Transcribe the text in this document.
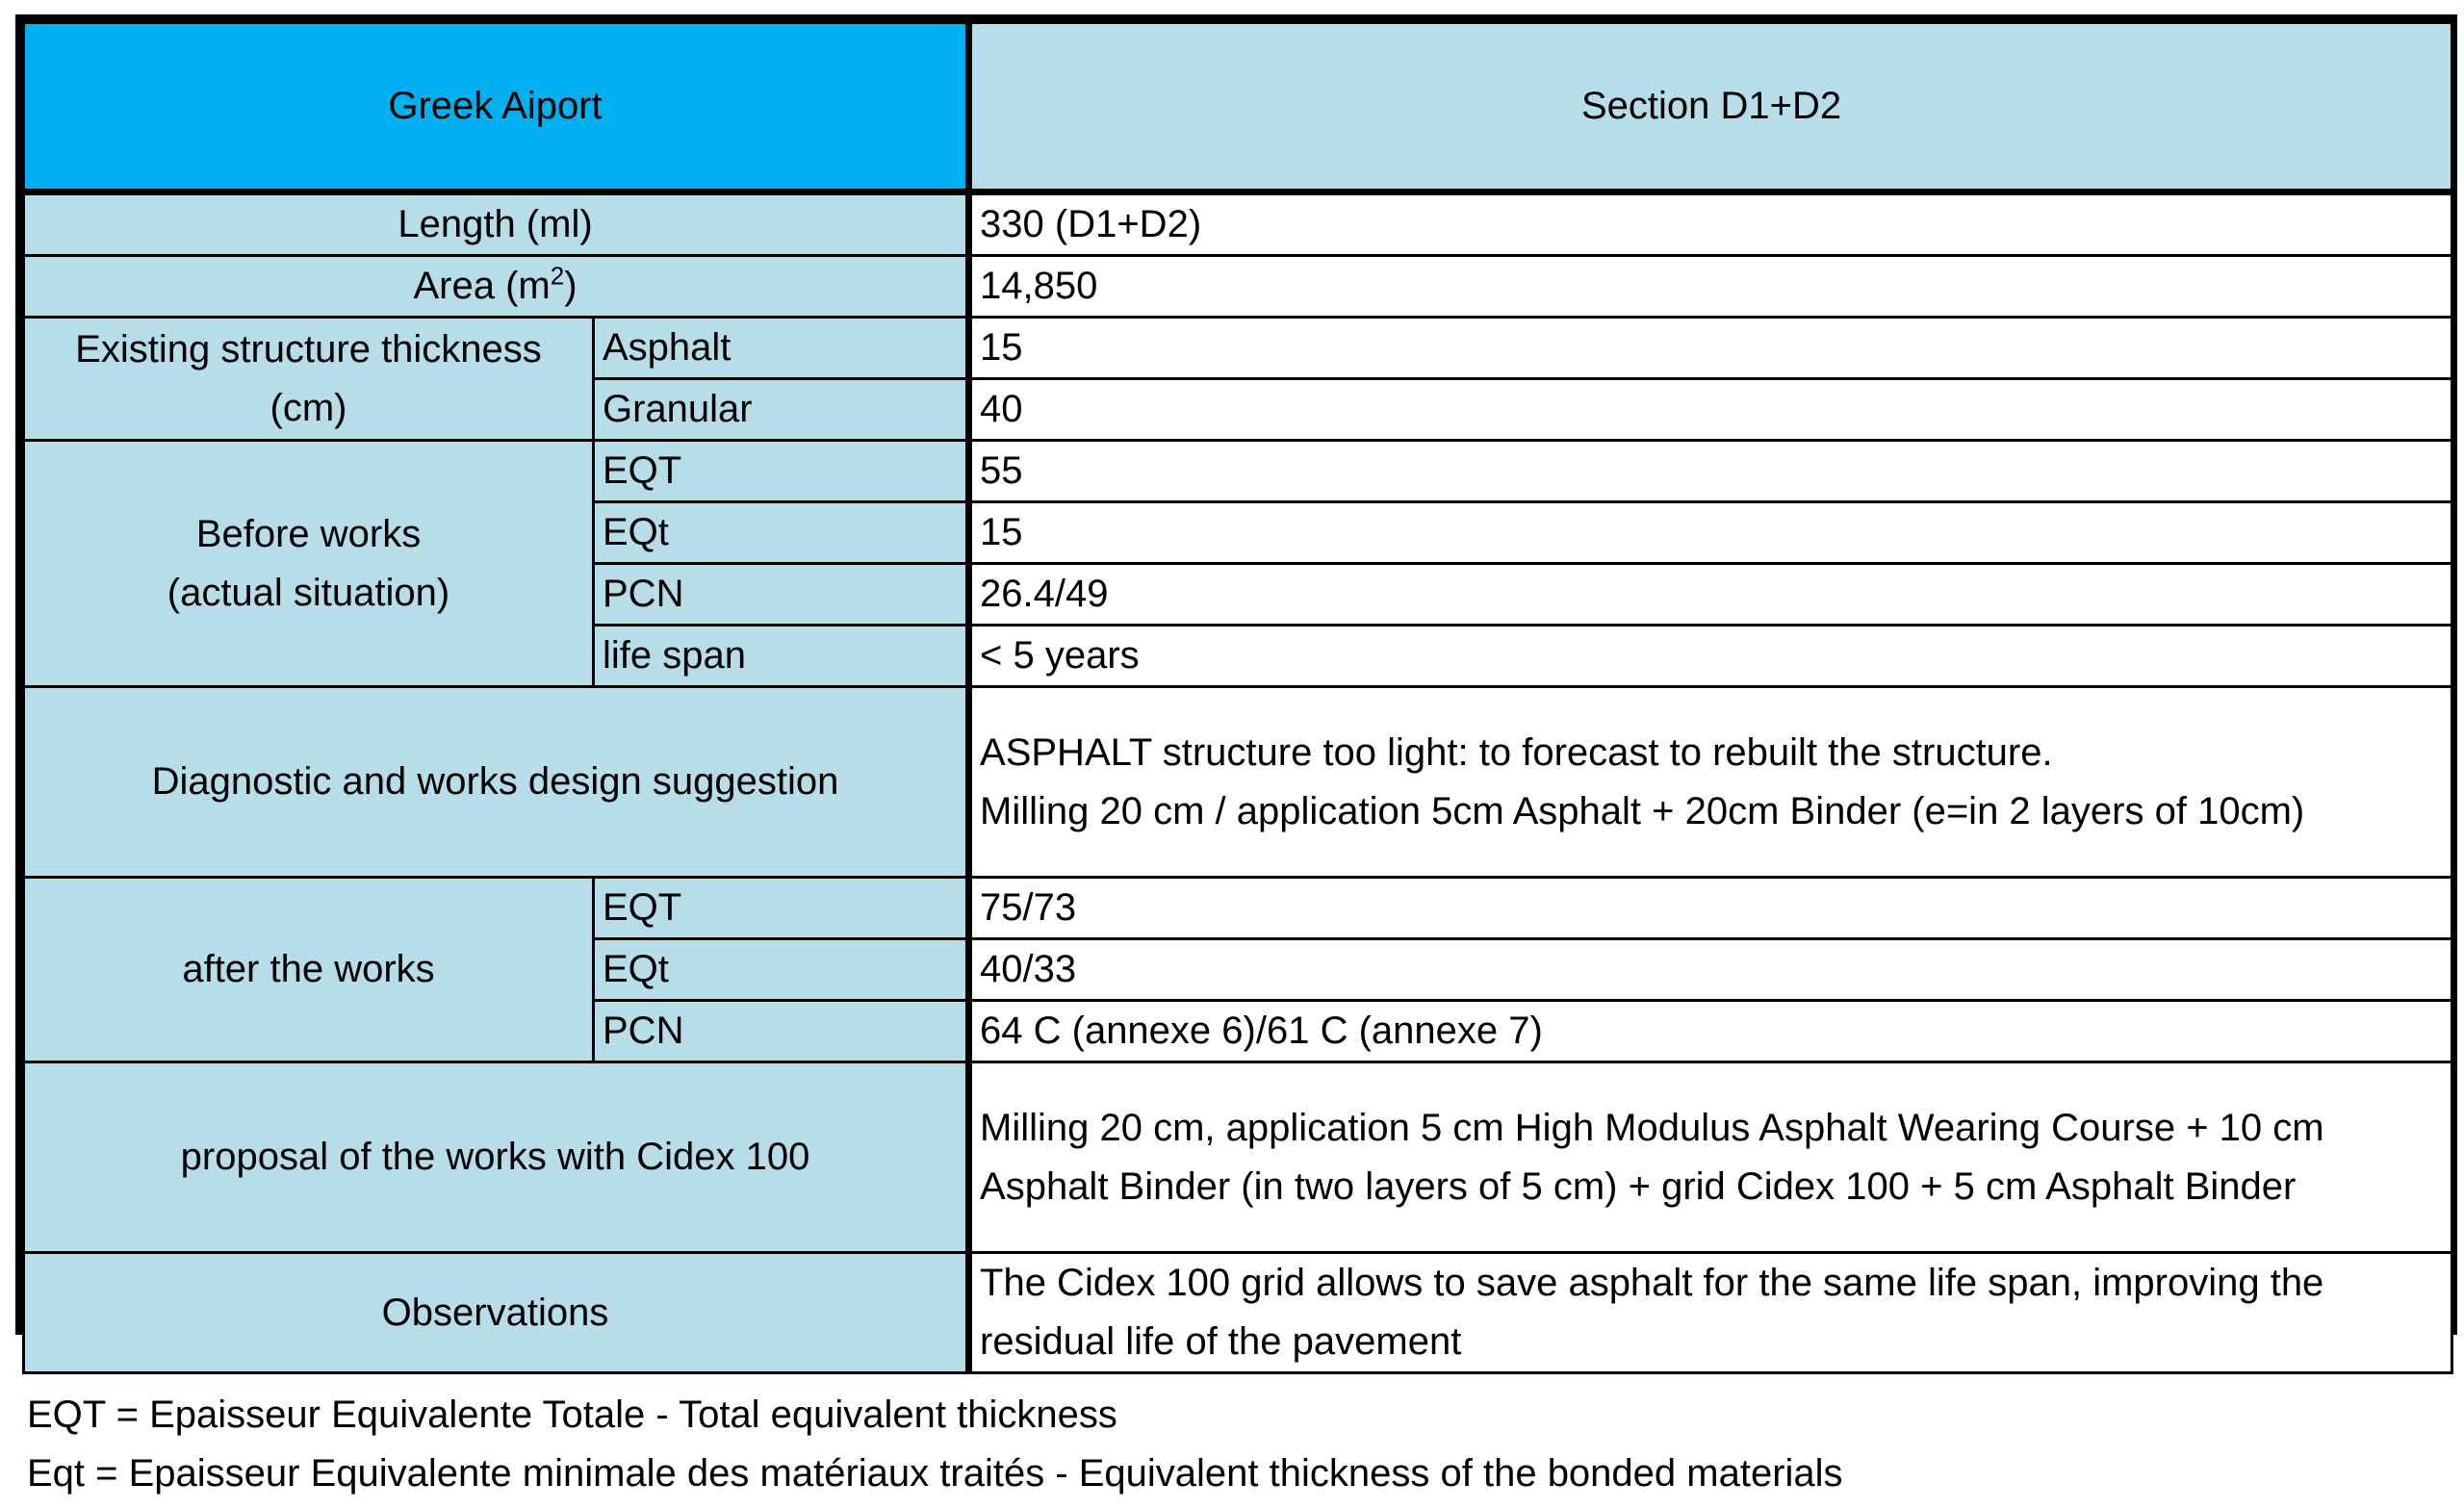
Greek Aiport		Section D1+D2
Length (ml)		330 (D1+D2)
Area $(m^2)$		14,850

Existing structure thickness
(cm)	Asphalt	15
	Granular	40

Before works
(actual situation)	EQT	55
	EQt	15
	PCN	26.4/49
	life span	< 5 years
Diagnostic and works design suggestion		ASPHALT structure too light: to forecast to rebuilt the structure.
Milling 20 cm / application 5cm Asphalt + 20cm Binder (e=in 2 layers of 10cm)

after the works	EQT	75/73
	EQt	40/33
	PCN	64 C (annexe 6)/61 C (annexe 7)
proposal of the works with Cidex 100		Milling 20 cm, application 5 cm High Modulus Asphalt Wearing Course + 10 cm
Asphalt Binder (in two layers of 5 cm) + grid Cidex 100 + 5 cm Asphalt Binder

Observations		The Cidex 100 grid allows to save asphalt for the same life span, improving the
residual life of the pavement
EQT = Epaisseur Equivalente Totale - Total equivalent thickness
Eqt = Epaisseur Equivalente minimale des matériaux traités - Equivalent thickness of the bonded materials
